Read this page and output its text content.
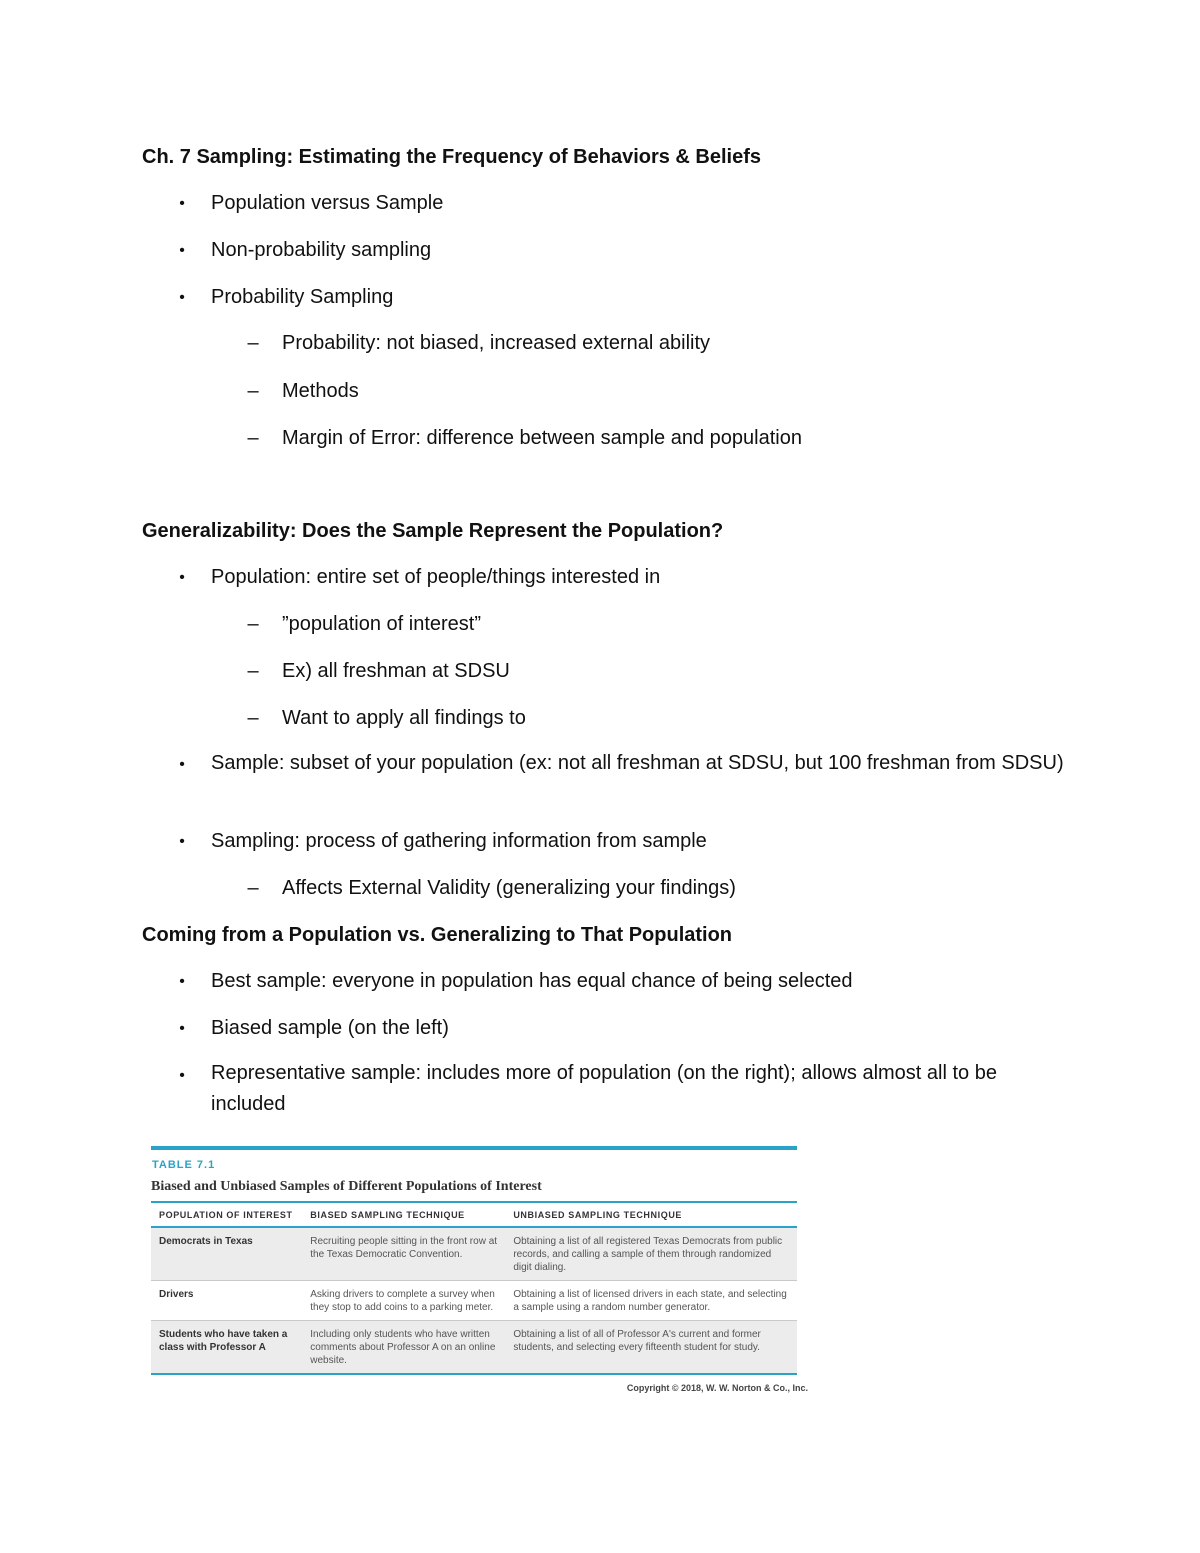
Ch. 7 Sampling: Estimating the Frequency of Behaviors & Beliefs
• Population versus Sample
• Non-probability sampling
• Probability Sampling
– Probability: not biased, increased external ability
– Methods
– Margin of Error: difference between sample and population
Generalizability: Does the Sample Represent the Population?
• Population: entire set of people/things interested in
– ”population of interest”
– Ex) all freshman at SDSU
– Want to apply all findings to
• Sample: subset of your population (ex: not all freshman at SDSU, but 100 freshman from SDSU)
• Sampling: process of gathering information from sample
– Affects External Validity (generalizing your findings)
Coming from a Population vs. Generalizing to That Population
• Best sample: everyone in population has equal chance of being selected
• Biased sample (on the left)
• Representative sample: includes more of population (on the right); allows almost all to be included
TABLE 7.1
Biased and Unbiased Samples of Different Populations of Interest
POPULATION OF INTEREST	BIASED SAMPLING TECHNIQUE	UNBIASED SAMPLING TECHNIQUE
Democrats in Texas	Recruiting people sitting in the front row at the Texas Democratic Convention.	Obtaining a list of all registered Texas Democrats from public records, and calling a sample of them through randomized digit dialing.
Drivers	Asking drivers to complete a survey when they stop to add coins to a parking meter.	Obtaining a list of licensed drivers in each state, and selecting a sample using a random number generator.
Students who have taken a class with Professor A	Including only students who have written comments about Professor A on an online website.	Obtaining a list of all of Professor A's current and former students, and selecting every fifteenth student for study.
Copyright © 2018, W. W. Norton & Co., Inc.
